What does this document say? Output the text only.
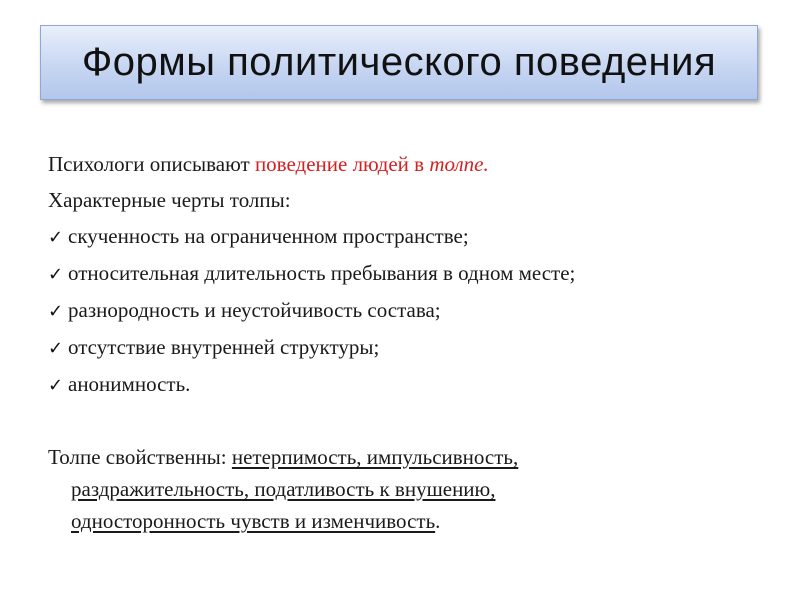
Формы политического поведения
Психологи описывают поведение людей в толпе.
Характерные черты толпы:
✓ скученность на ограниченном пространстве;
✓ относительная длительность пребывания в одном месте;
✓ разнородность и неустойчивость состава;
✓ отсутствие внутренней структуры;
✓ анонимность.
Толпе свойственны: нетерпимость, импульсивность,
раздражительность, податливость к внушению,
односторонность чувств и изменчивость.
